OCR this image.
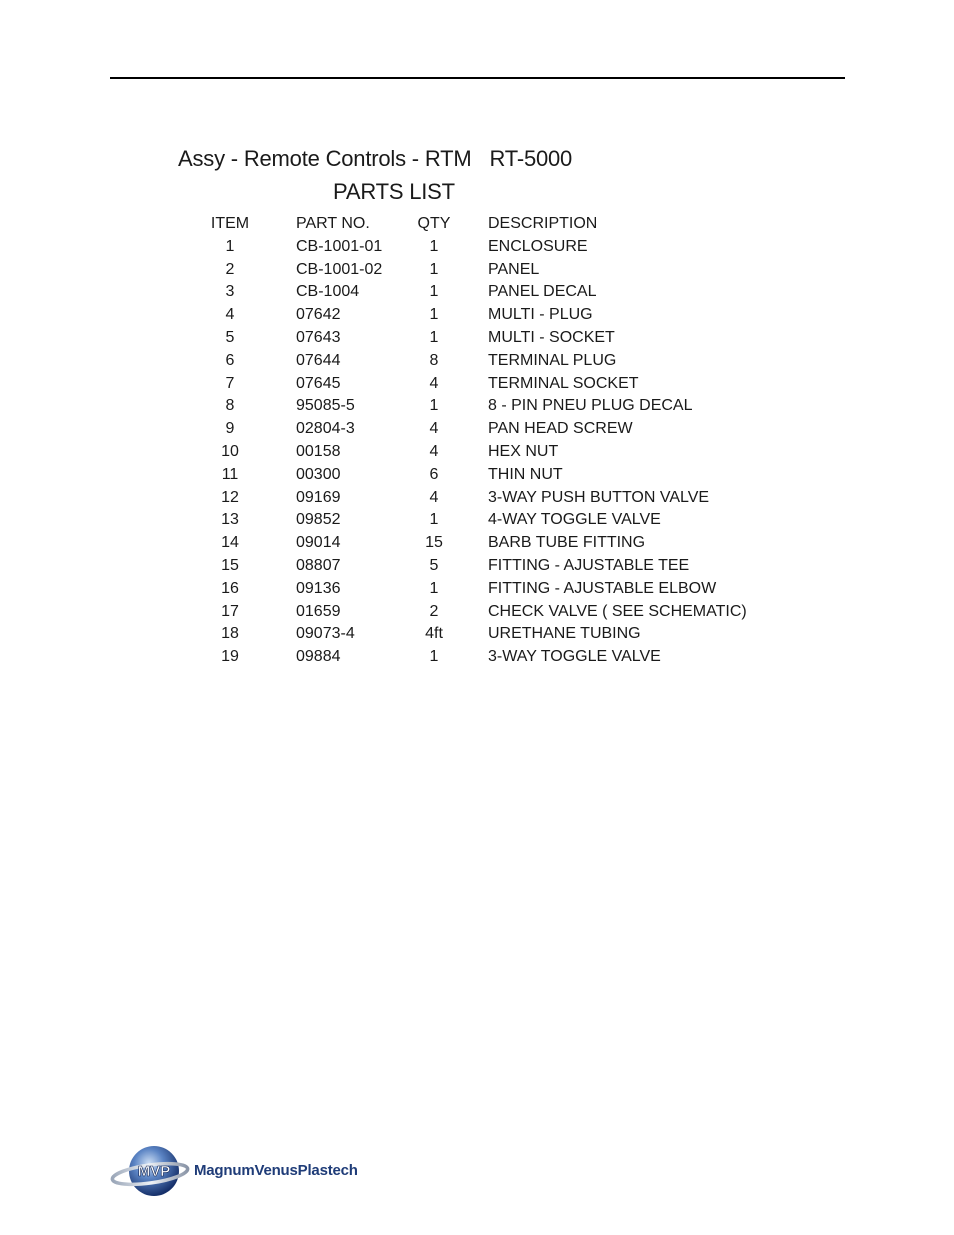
Assy - Remote Controls - RTM RT-5000
PARTS LIST
ITEM	PART NO.	QTY	DESCRIPTION
1	CB-1001-01	1	ENCLOSURE
2	CB-1001-02	1	PANEL
3	CB-1004	1	PANEL DECAL
4	07642	1	MULTI - PLUG
5	07643	1	MULTI - SOCKET
6	07644	8	TERMINAL PLUG
7	07645	4	TERMINAL SOCKET
8	95085-5	1	8 - PIN PNEU PLUG DECAL
9	02804-3	4	PAN HEAD SCREW
10	00158	4	HEX NUT
11	00300	6	THIN NUT
12	09169	4	3-WAY PUSH BUTTON VALVE
13	09852	1	4-WAY TOGGLE VALVE
14	09014	15	BARB TUBE FITTING
15	08807	5	FITTING - AJUSTABLE TEE
16	09136	1	FITTING - AJUSTABLE ELBOW
17	01659	2	CHECK VALVE ( SEE SCHEMATIC)
18	09073-4	4ft	URETHANE TUBING
19	09884	1	3-WAY TOGGLE VALVE
MVP MagnumVenusPlastech
